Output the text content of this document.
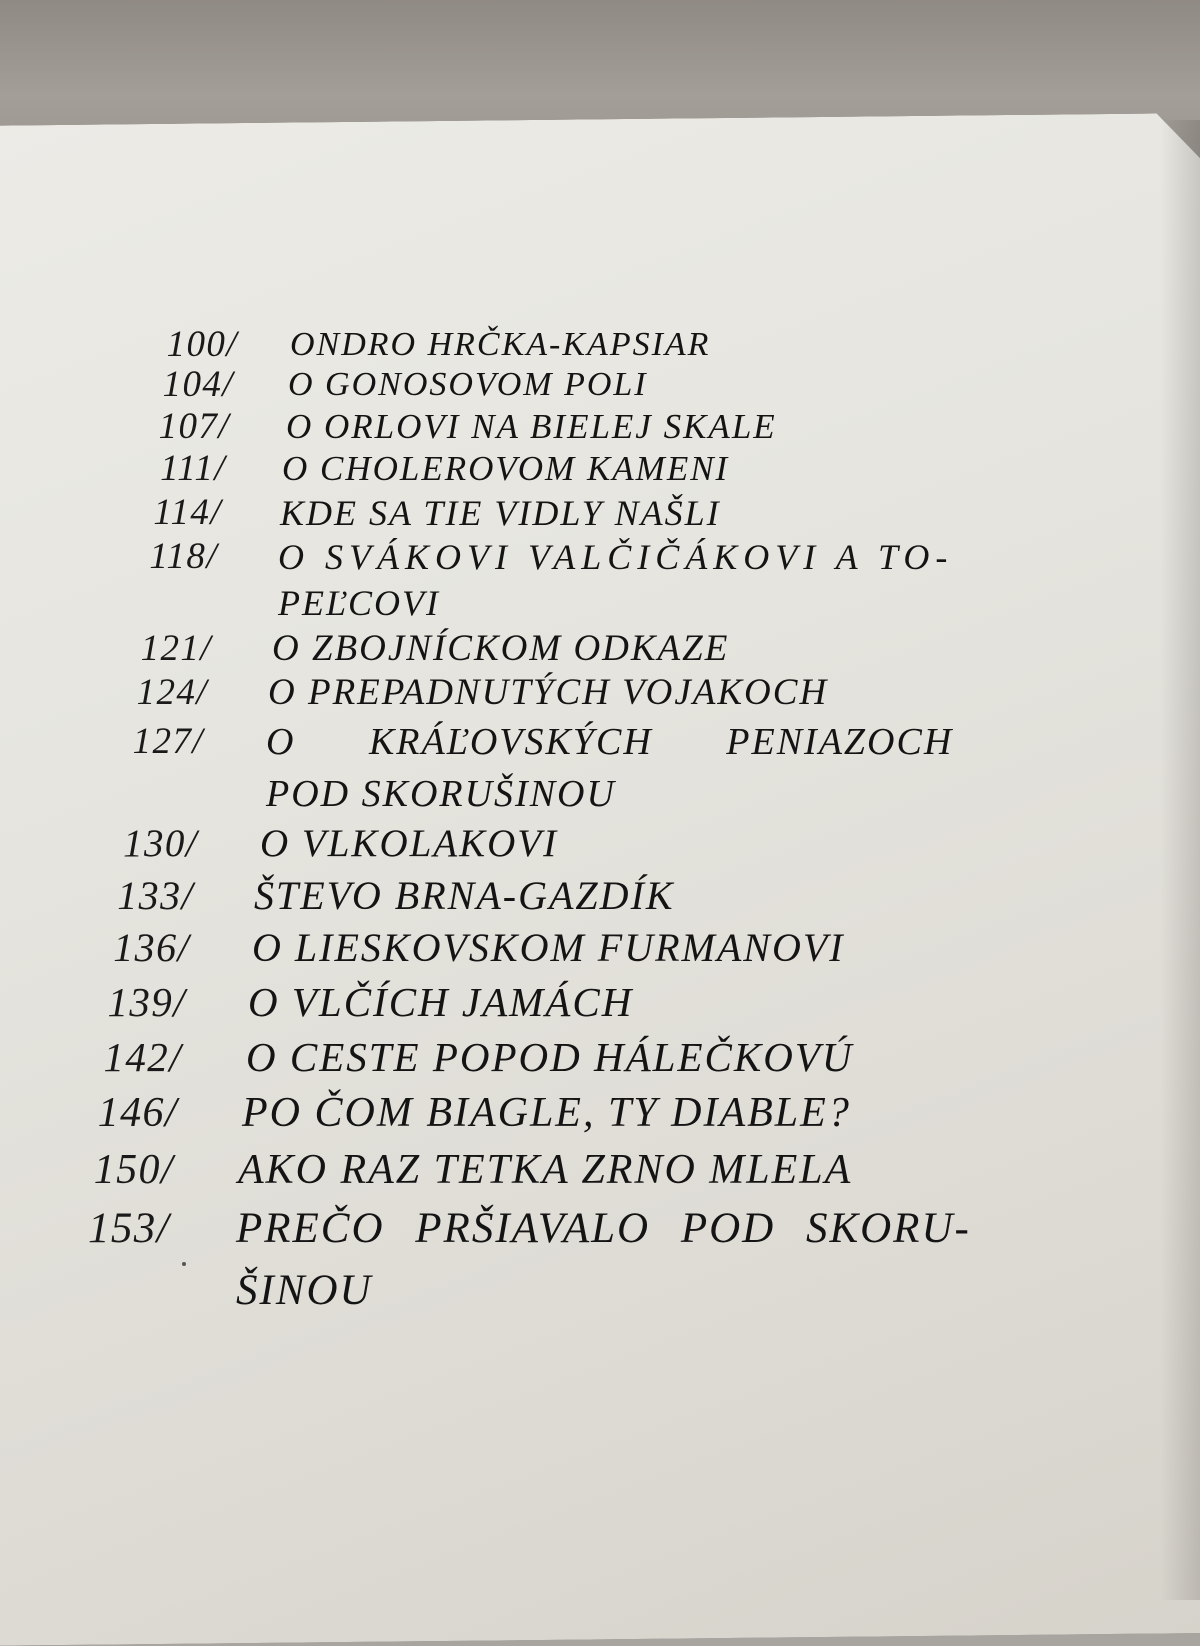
100/ ONDRO HRČKA-KAPSIAR
104/ O GONOSOVOM POLI
107/ O ORLOVI NA BIELEJ SKALE
111/ O CHOLEROVOM KAMENI
114/ KDE SA TIE VIDLY NAŠLI
118/ O SVÁKOVI VALČIČÁKOVI A TO-
PEĽCOVI
121/ O ZBOJNÍCKOM ODKAZE
124/ O PREPADNUTÝCH VOJAKOCH
127/ O KRÁĽOVSKÝCH PENIAZOCH
POD SKORUŠINOU
130/ O VLKOLAKOVI
133/ ŠTEVO BRNA-GAZDÍK
136/ O LIESKOVSKOM FURMANOVI
139/ O VLČÍCH JAMÁCH
142/ O CESTE POPOD HÁLEČKOVÚ
146/ PO ČOM BIAGLE, TY DIABLE?
150/ AKO RAZ TETKA ZRNO MLELA
153/ PREČO PRŠIAVALO POD SKORU-
ŠINOU
